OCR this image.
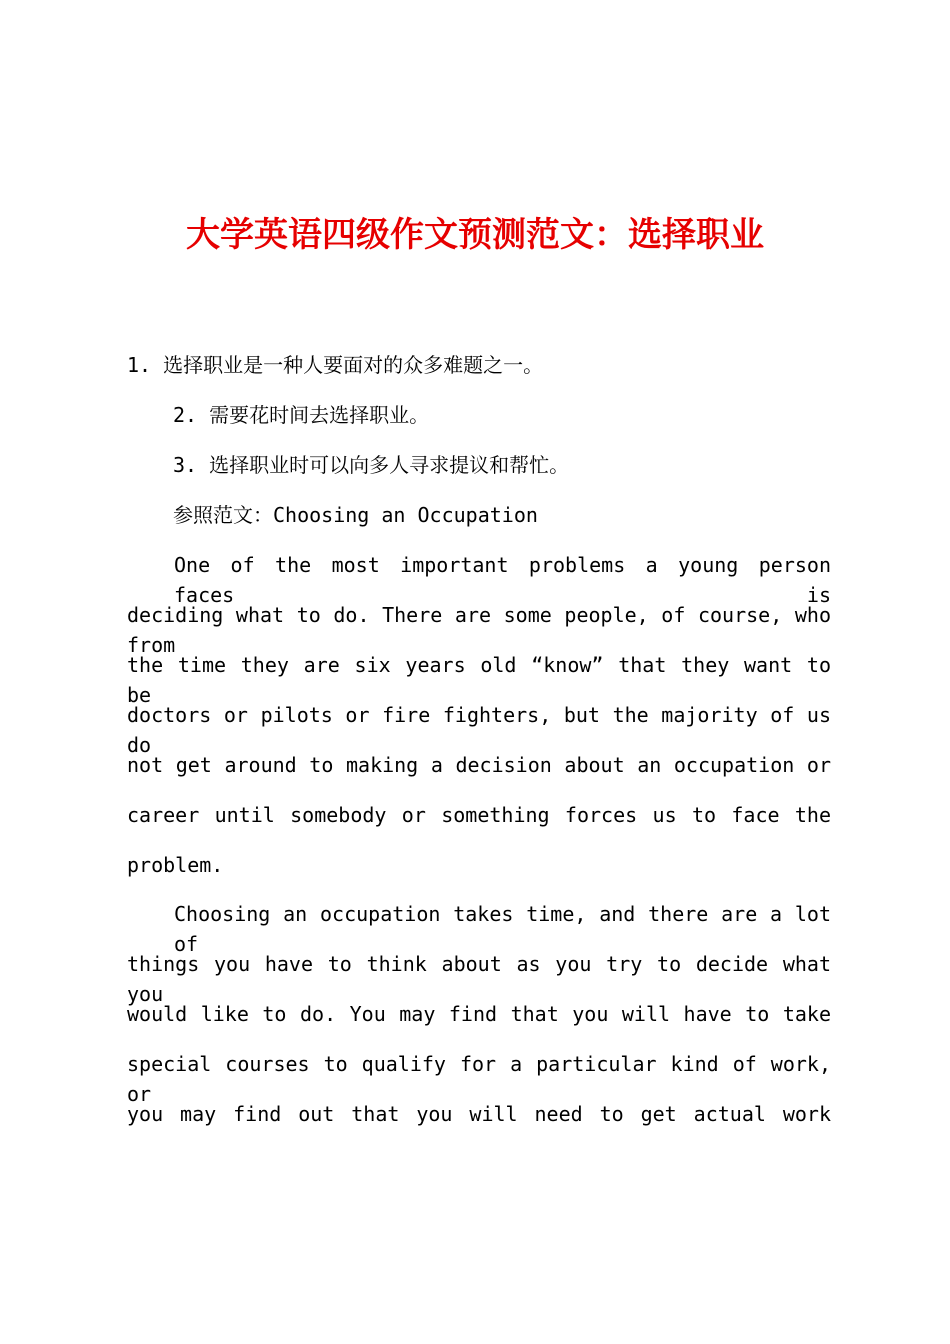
大学英语四级作文预测范文：选择职业
1. 选择职业是一种人要面对的众多难题之一。
2. 需要花时间去选择职业。
3. 选择职业时可以向多人寻求提议和帮忙。
参照范文：Choosing an Occupation
One of the most important problems a young person faces is
deciding what to do. There are some people, of course, who from
the time they are six years old “know” that they want to be
doctors or pilots or fire fighters, but the majority of us do
not get around to making a decision about an occupation or
career until somebody or something forces us to face the
problem.
Choosing an occupation takes time, and there are a lot of
things you have to think about as you try to decide what you
would like to do. You may find that you will have to take
special courses to qualify for a particular kind of work, or
you may find out that you will need to get actual work
